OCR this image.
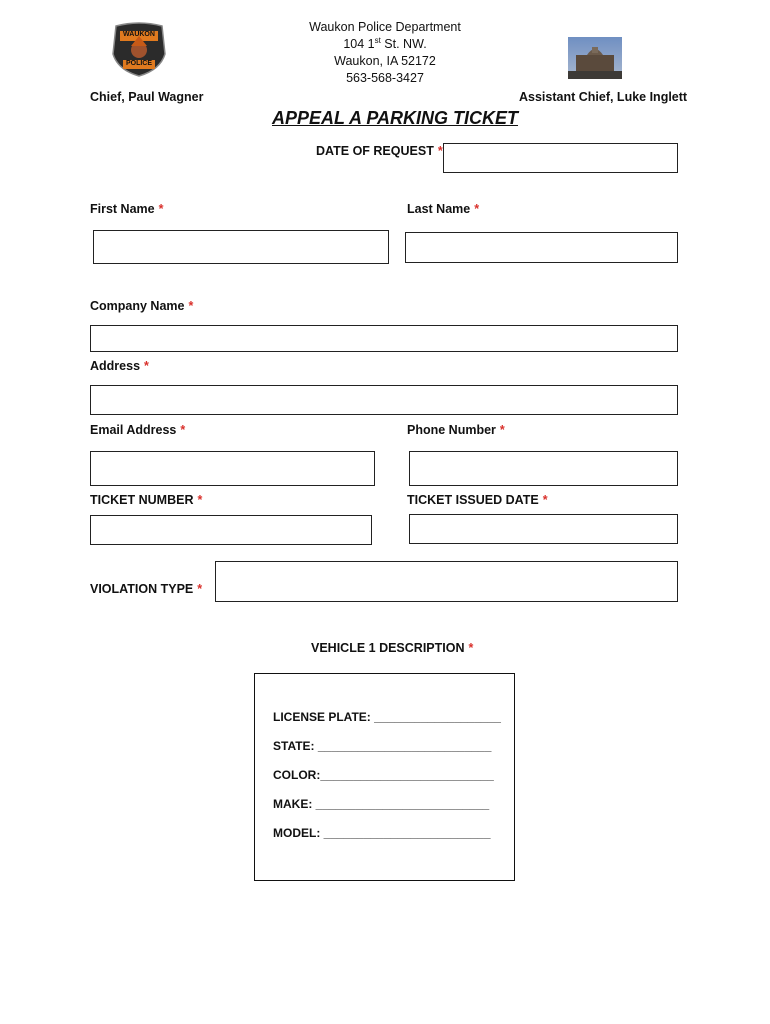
WAUKON
POLICE
Waukon Police Department
104 1st St. NW.
Waukon, IA 52172
563-568-3427
Chief, Paul Wagner	Assistant Chief, Luke Inglett
APPEAL A PARKING TICKET
DATE OF REQUEST *
First Name *	Last Name *
Company Name *
Address *
Email Address *	Phone Number *
TICKET NUMBER *	TICKET ISSUED DATE *
VIOLATION TYPE *
VEHICLE 1 DESCRIPTION *
LICENSE PLATE: ___________________
STATE: __________________________
COLOR:__________________________
MAKE: __________________________
MODEL: _________________________
